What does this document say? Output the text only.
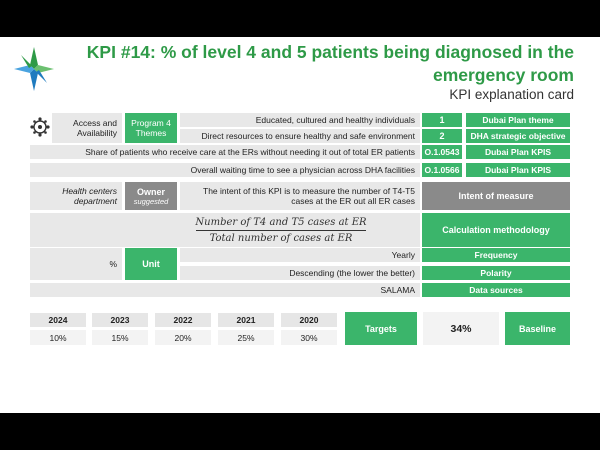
KPI #14: % of level 4 and 5 patients being diagnosed in the emergency room
KPI explanation card
Access and Availability
Program 4 Themes
Educated, cultured and healthy individuals	1	Dubai Plan theme
Direct resources to ensure healthy and safe environment	2	DHA strategic objective
Share of patients who receive care at the ERs without needing it out of total ER patients	O.1.0543	Dubai Plan KPIS
Overall waiting time to see a physician across DHA facilities	O.1.0566	Dubai Plan KPIS
Health centers department
Owner
suggested
The intent of this KPI is to measure the number of T4-T5 cases at the ER out all ER cases	Intent of measure
Number of T4 and T5 cases at ER
Total number of cases at ER
Calculation methodology
%	Unit
Yearly	Frequency
Descending (the lower the better)	Polarity
SALAMA	Data sources
2024	2023	2022	2021	2020
10%	15%	20%	25%	30%
Targets	34%	Baseline
